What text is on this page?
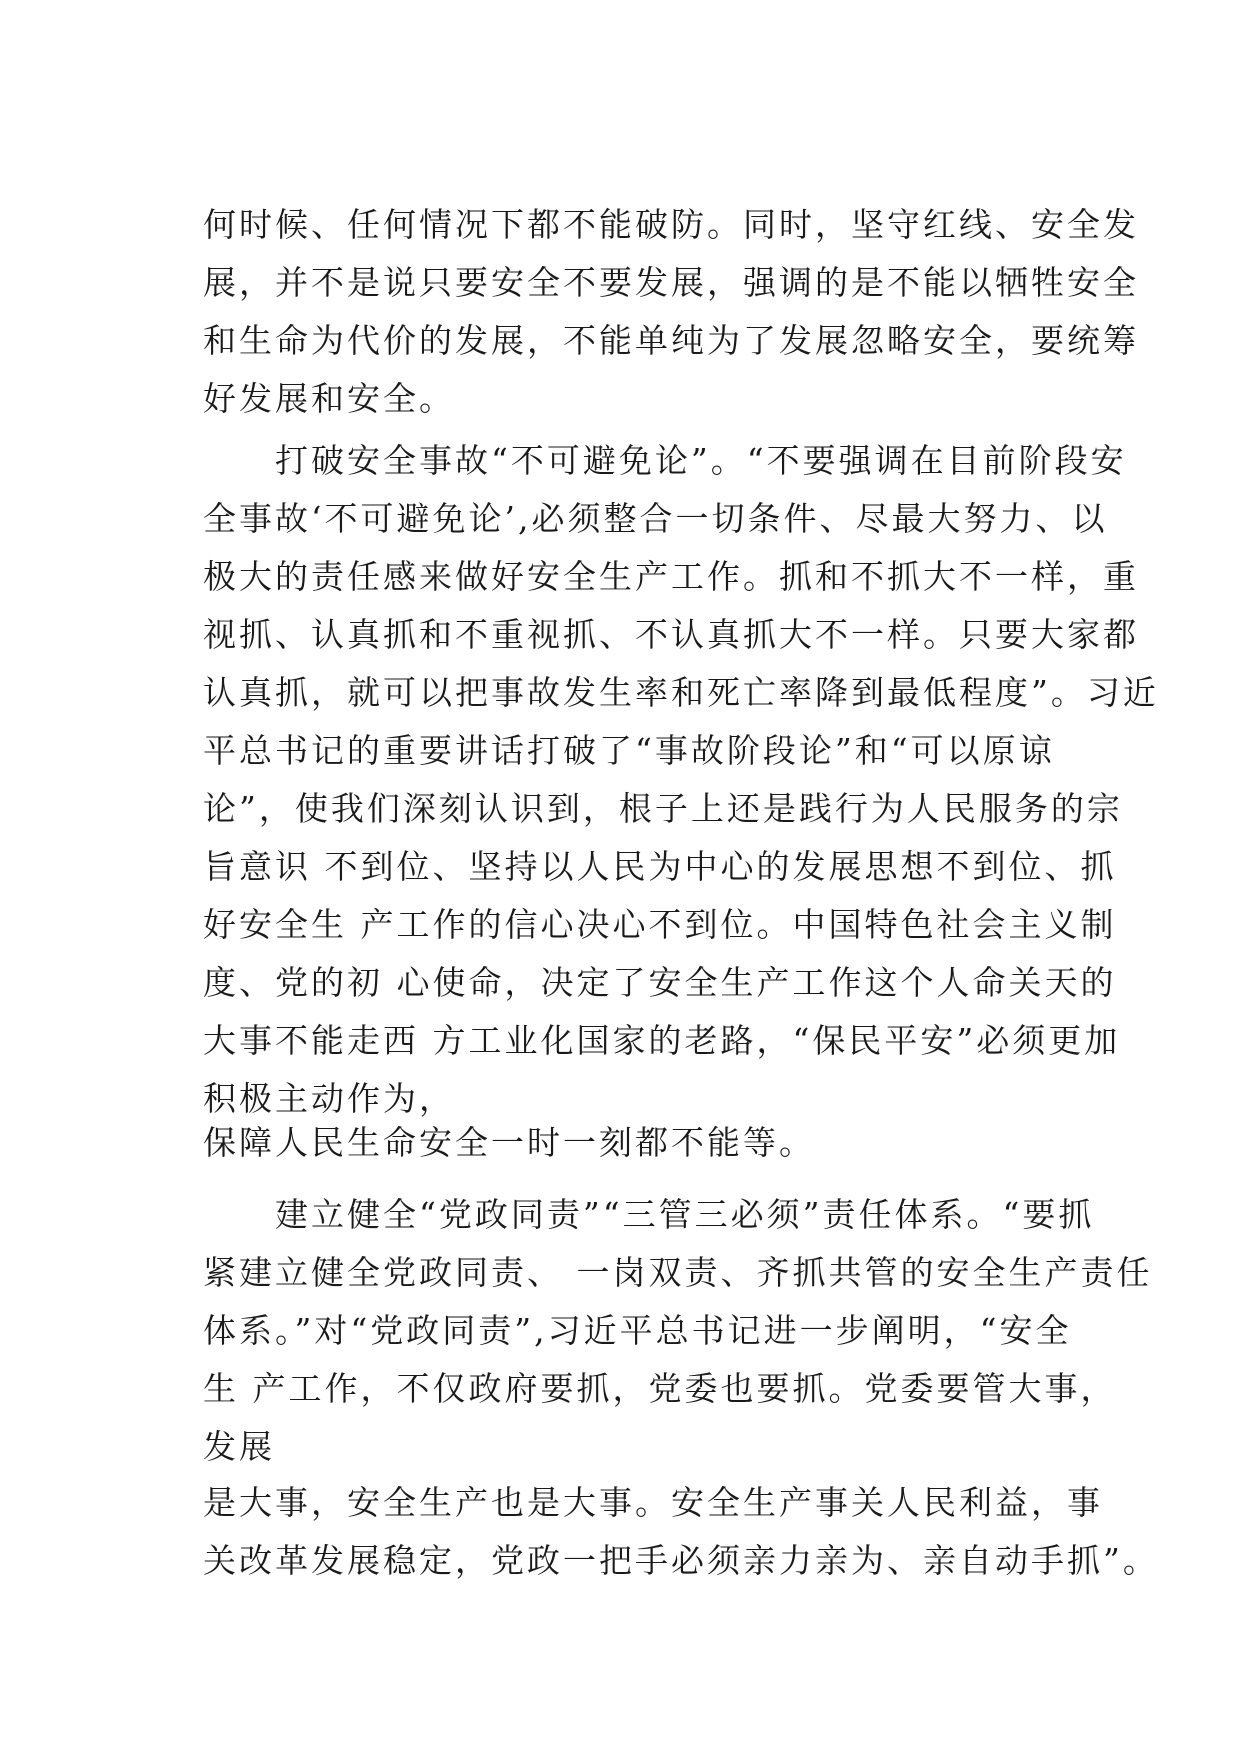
何时候、任何情况下都不能破防。同时，坚守红线、安全发
展，并不是说只要安全不要发展，强调的是不能以牺牲安全
和生命为代价的发展，不能单纯为了发展忽略安全，要统筹
好发展和安全。
　　打破安全事故“不可避免论”。“不要强调在目前阶段安
全事故‘不可避免论’,必须整合一切条件、尽最大努力、以
极大的责任感来做好安全生产工作。抓和不抓大不一样，重
视抓、认真抓和不重视抓、不认真抓大不一样。只要大家都
认真抓，就可以把事故发生率和死亡率降到最低程度”。习近
平总书记的重要讲话打破了“事故阶段论”和“可以原谅
论”，使我们深刻认识到，根子上还是践行为人民服务的宗
旨意识 不到位、坚持以人民为中心的发展思想不到位、抓
好安全生 产工作的信心决心不到位。中国特色社会主义制
度、党的初 心使命，决定了安全生产工作这个人命关天的
大事不能走西 方工业化国家的老路，“保民平安”必须更加
积极主动作为，
保障人民生命安全一时一刻都不能等。
　　建立健全“党政同责”“三管三必须”责任体系。“要抓
紧建立健全党政同责、 一岗双责、齐抓共管的安全生产责任
体系。”对“党政同责”,习近平总书记进一步阐明，“安全
生 产工作，不仅政府要抓，党委也要抓。党委要管大事，
发展
是大事，安全生产也是大事。安全生产事关人民利益，事
关改革发展稳定，党政一把手必须亲力亲为、亲自动手抓”。
